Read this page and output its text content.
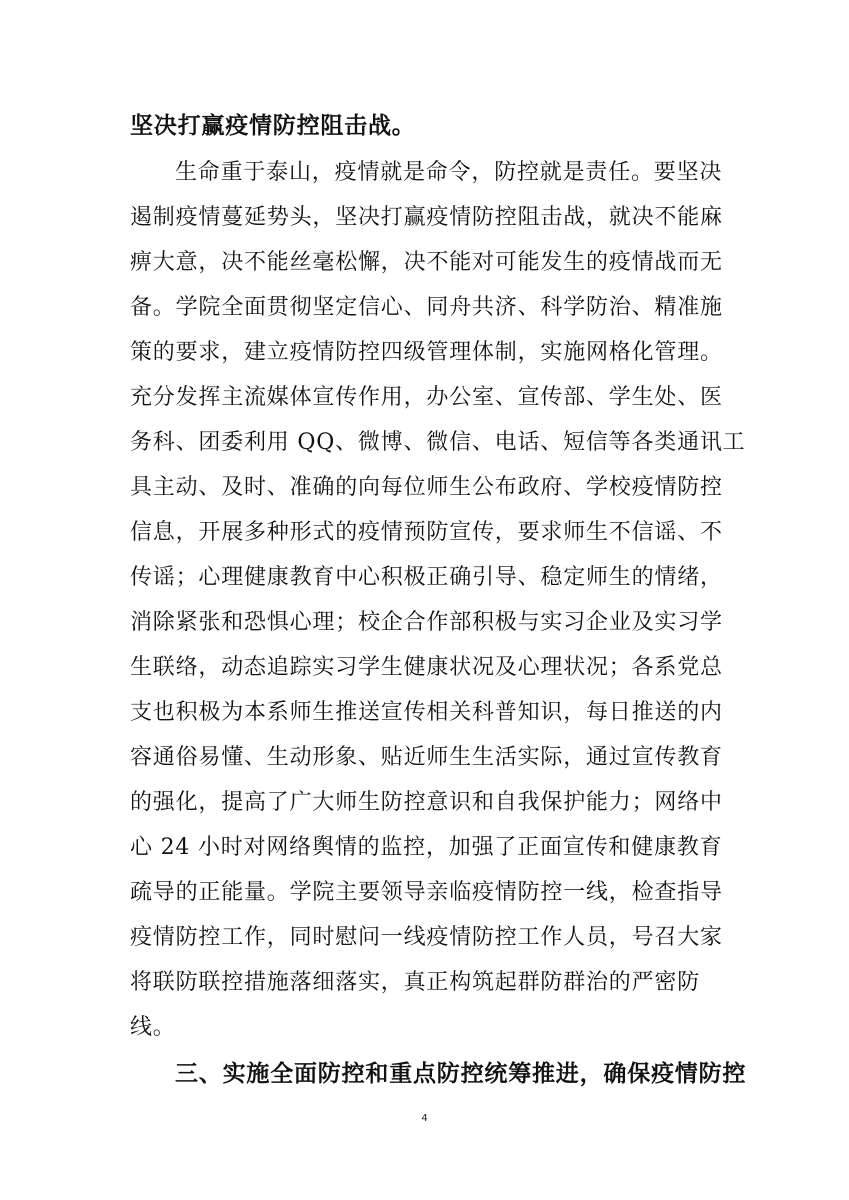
坚决打赢疫情防控阻击战。
生命重于泰山，疫情就是命令，防控就是责任。要坚决
遏制疫情蔓延势头，坚决打赢疫情防控阻击战，就决不能麻
痹大意，决不能丝毫松懈，决不能对可能发生的疫情战而无
备。学院全面贯彻坚定信心、同舟共济、科学防治、精准施
策的要求，建立疫情防控四级管理体制，实施网格化管理。
充分发挥主流媒体宣传作用，办公室、宣传部、学生处、医
务科、团委利用 QQ、微博、微信、电话、短信等各类通讯工
具主动、及时、准确的向每位师生公布政府、学校疫情防控
信息，开展多种形式的疫情预防宣传，要求师生不信谣、不
传谣；心理健康教育中心积极正确引导、稳定师生的情绪，
消除紧张和恐惧心理；校企合作部积极与实习企业及实习学
生联络，动态追踪实习学生健康状况及心理状况；各系党总
支也积极为本系师生推送宣传相关科普知识，每日推送的内
容通俗易懂、生动形象、贴近师生生活实际，通过宣传教育
的强化，提高了广大师生防控意识和自我保护能力；网络中
心 24 小时对网络舆情的监控，加强了正面宣传和健康教育
疏导的正能量。学院主要领导亲临疫情防控一线，检查指导
疫情防控工作，同时慰问一线疫情防控工作人员，号召大家
将联防联控措施落细落实，真正构筑起群防群治的严密防
线。
三、实施全面防控和重点防控统筹推进，确保疫情防控
4
